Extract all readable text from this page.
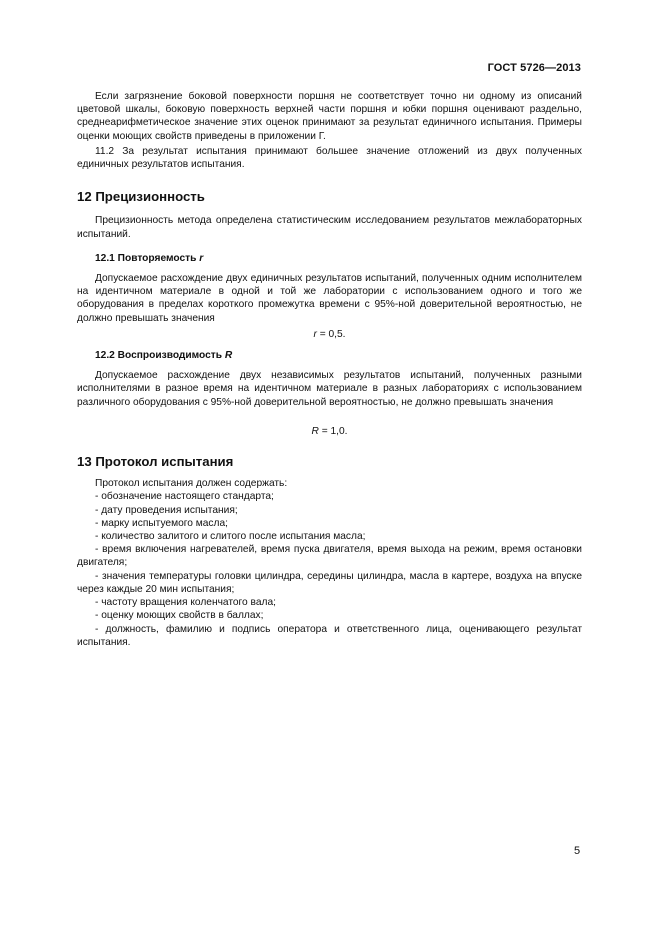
ГОСТ 5726—2013

Если загрязнение боковой поверхности поршня не соответствует точно ни одному из описаний цветовой шкалы, боковую поверхность верхней части поршня и юбки поршня оценивают раздельно, среднеарифметическое значение этих оценок принимают за результат единичного испытания. Примеры оценки моющих свойств приведены в приложении Г.

11.2 За результат испытания принимают большее значение отложений из двух полученных единичных результатов испытания.

12 Прецизионность

Прецизионность метода определена статистическим исследованием результатов межлабораторных испытаний.

12.1 Повторяемость r

Допускаемое расхождение двух единичных результатов испытаний, полученных одним исполнителем на идентичном материале в одной и той же лаборатории с использованием одного и того же оборудования в пределах короткого промежутка времени с 95%-ной доверительной вероятностью, не должно превышать значения

r = 0,5.

12.2 Воспроизводимость R

Допускаемое расхождение двух независимых результатов испытаний, полученных разными исполнителями в разное время на идентичном материале в разных лабораториях с использованием различного оборудования с 95%-ной доверительной вероятностью, не должно превышать значения

R = 1,0.

13 Протокол испытания

Протокол испытания должен содержать:

- обозначение настоящего стандарта;
- дату проведения испытания;
- марку испытуемого масла;
- количество залитого и слитого после испытания масла;
- время включения нагревателей, время пуска двигателя, время выхода на режим, время остановки двигателя;
- значения температуры головки цилиндра, середины цилиндра, масла в картере, воздуха на впуске через каждые 20 мин испытания;
- частоту вращения коленчатого вала;
- оценку моющих свойств в баллах;
- должность, фамилию и подпись оператора и ответственного лица, оценивающего результат испытания.
5
